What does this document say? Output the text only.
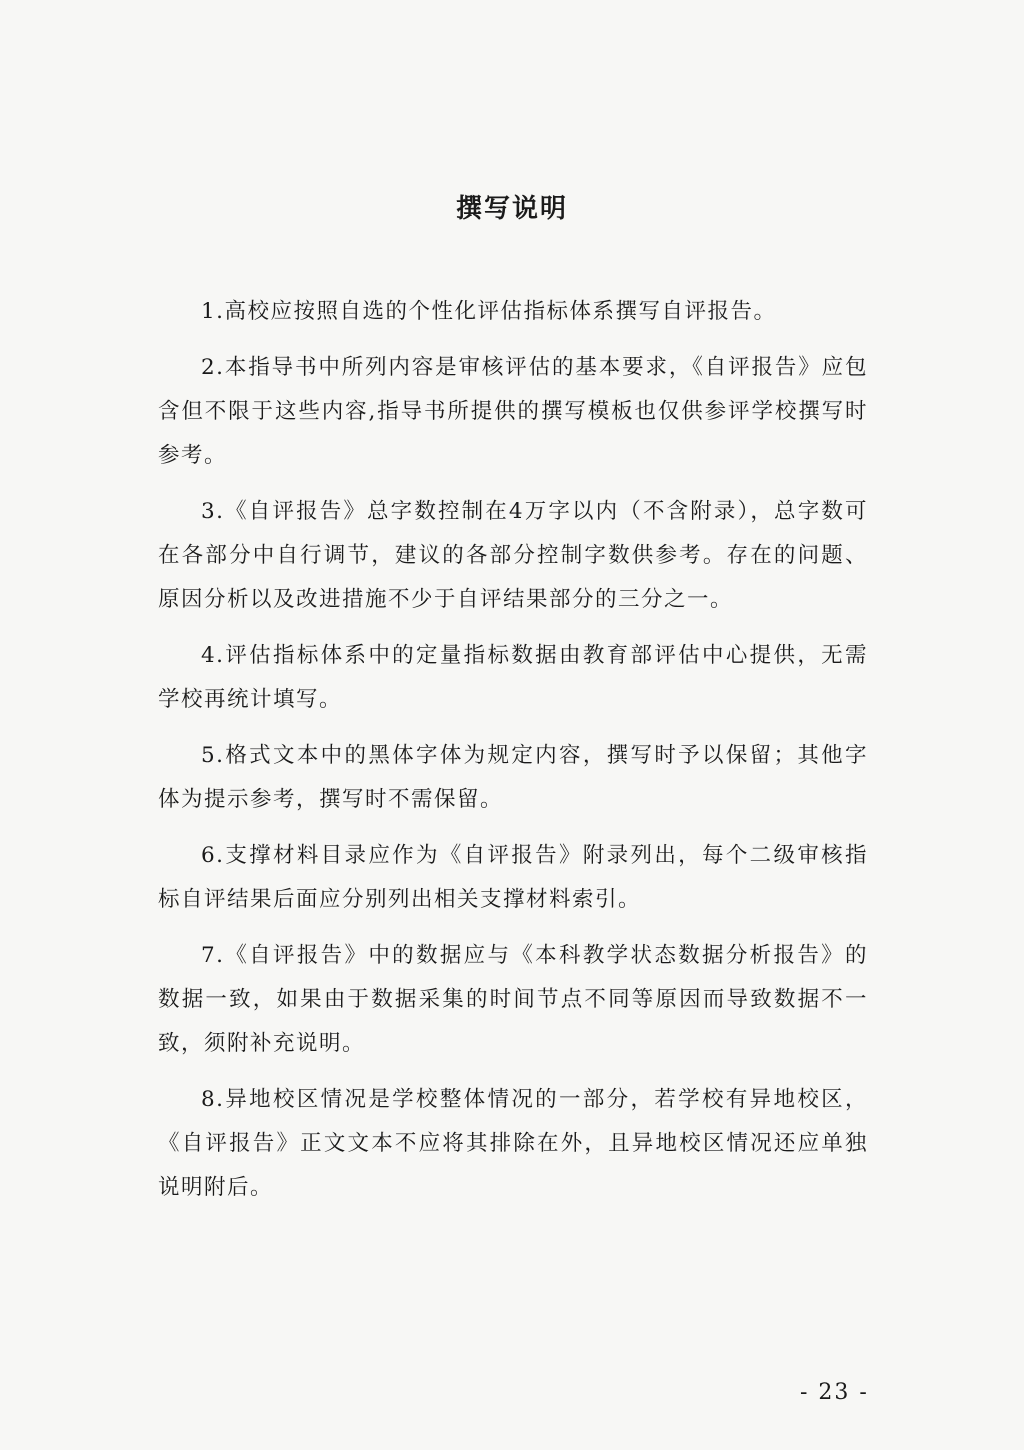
撰写说明

1.高校应按照自选的个性化评估指标体系撰写自评报告。

2.本指导书中所列内容是审核评估的基本要求，《自评报告》应包含但不限于这些内容,指导书所提供的撰写模板也仅供参评学校撰写时参考。

3.《自评报告》总字数控制在4万字以内（不含附录），总字数可在各部分中自行调节，建议的各部分控制字数供参考。存在的问题、原因分析以及改进措施不少于自评结果部分的三分之一。

4.评估指标体系中的定量指标数据由教育部评估中心提供，无需学校再统计填写。

5.格式文本中的黑体字体为规定内容，撰写时予以保留；其他字体为提示参考，撰写时不需保留。

6.支撑材料目录应作为《自评报告》附录列出，每个二级审核指标自评结果后面应分别列出相关支撑材料索引。

7.《自评报告》中的数据应与《本科教学状态数据分析报告》的数据一致，如果由于数据采集的时间节点不同等原因而导致数据不一致，须附补充说明。

8.异地校区情况是学校整体情况的一部分，若学校有异地校区，《自评报告》正文文本不应将其排除在外，且异地校区情况还应单独说明附后。

- 23 -
